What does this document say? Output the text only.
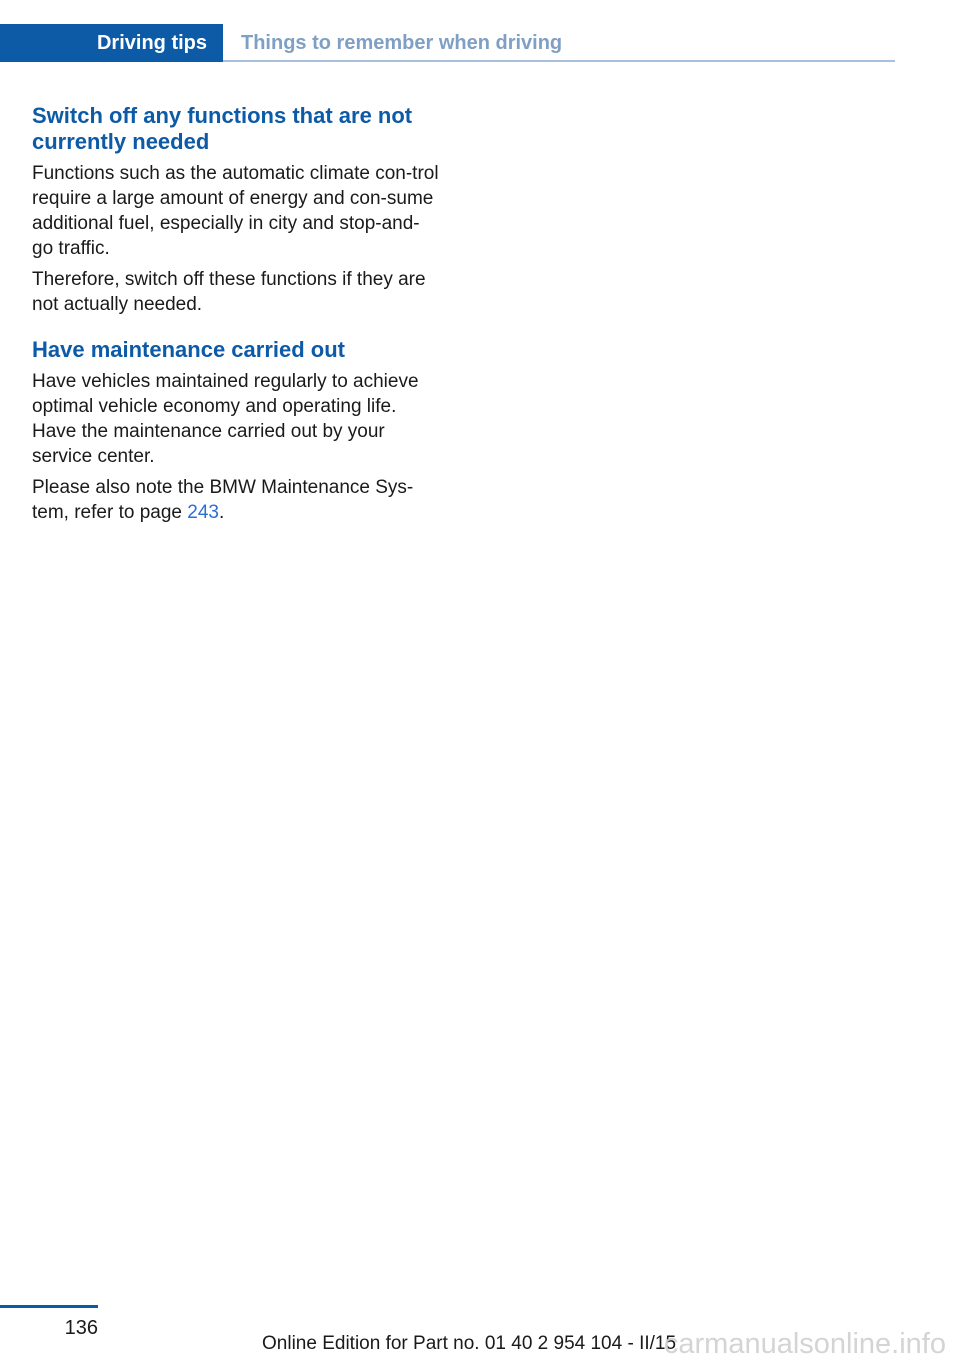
Driving tips	Things to remember when driving
Switch off any functions that are not currently needed

Functions such as the automatic climate con-trol require a large amount of energy and con-sume additional fuel, especially in city and stop-and-go traffic.

Therefore, switch off these functions if they are not actually needed.

Have maintenance carried out

Have vehicles maintained regularly to achieve optimal vehicle economy and operating life. Have the maintenance carried out by your service center.

Please also note the BMW Maintenance Sys-tem, refer to page 243.

136
Online Edition for Part no. 01 40 2 954 104 - II/15
carmanualsonline.info
